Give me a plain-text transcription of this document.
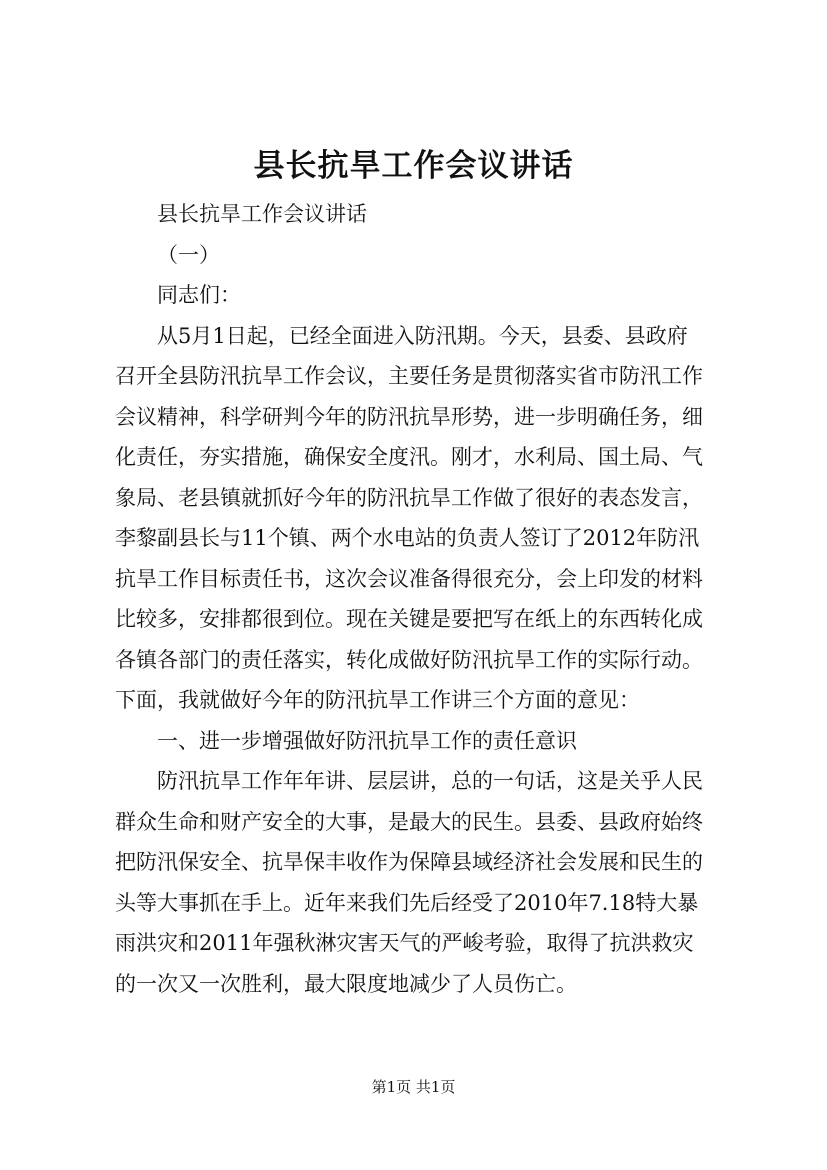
县长抗旱工作会议讲话
县长抗旱工作会议讲话
（一）
同志们：
从5月1日起，已经全面进入防汛期。今天，县委、县政府
召开全县防汛抗旱工作会议，主要任务是贯彻落实省市防汛工作
会议精神，科学研判今年的防汛抗旱形势，进一步明确任务，细
化责任，夯实措施，确保安全度汛。刚才，水利局、国土局、气
象局、老县镇就抓好今年的防汛抗旱工作做了很好的表态发言，
李黎副县长与11个镇、两个水电站的负责人签订了2012年防汛
抗旱工作目标责任书，这次会议准备得很充分，会上印发的材料
比较多，安排都很到位。现在关键是要把写在纸上的东西转化成
各镇各部门的责任落实，转化成做好防汛抗旱工作的实际行动。
下面，我就做好今年的防汛抗旱工作讲三个方面的意见：
一、进一步增强做好防汛抗旱工作的责任意识
防汛抗旱工作年年讲、层层讲，总的一句话，这是关乎人民
群众生命和财产安全的大事，是最大的民生。县委、县政府始终
把防汛保安全、抗旱保丰收作为保障县域经济社会发展和民生的
头等大事抓在手上。近年来我们先后经受了2010年7.18特大暴
雨洪灾和2011年强秋淋灾害天气的严峻考验，取得了抗洪救灾
的一次又一次胜利，最大限度地减少了人员伤亡。
第1页 共1页
